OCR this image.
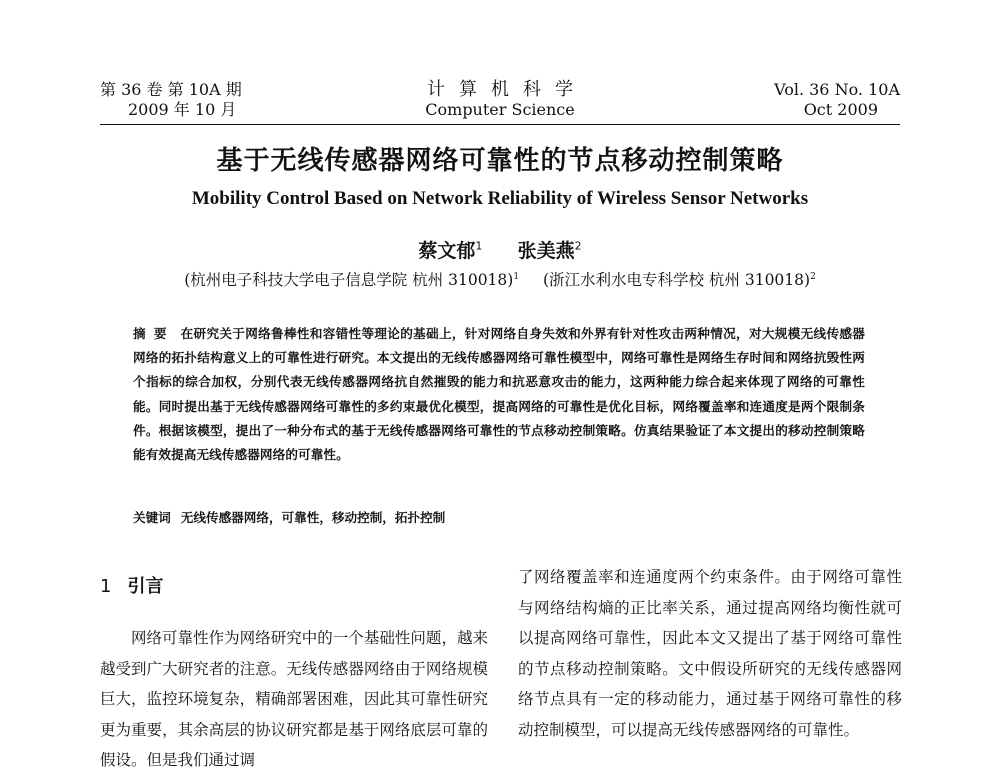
第 36 卷 第 10A 期
2009 年 10 月
计算机科学
Computer Science
Vol. 36 No. 10A
Oct 2009
基于无线传感器网络可靠性的节点移动控制策略
Mobility Control Based on Network Reliability of Wireless Sensor Networks
蔡文郁$^1$ 张美燕$^2$
(杭州电子科技大学电子信息学院 杭州 310018)$^1$ (浙江水利水电专科学校 杭州 310018)$^2$
摘要 在研究关于网络鲁棒性和容错性等理论的基础上，针对网络自身失效和外界有针对性攻击两种情况，对大规模无线传感器网络的拓扑结构意义上的可靠性进行研究。本文提出的无线传感器网络可靠性模型中，网络可靠性是网络生存时间和网络抗毁性两个指标的综合加权，分别代表无线传感器网络抗自然摧毁的能力和抗恶意攻击的能力，这两种能力综合起来体现了网络的可靠性能。同时提出基于无线传感器网络可靠性的多约束最优化模型，提高网络的可靠性是优化目标，网络覆盖率和连通度是两个限制条件。根据该模型，提出了一种分布式的基于无线传感器网络可靠性的节点移动控制策略。仿真结果验证了本文提出的移动控制策略能有效提高无线传感器网络的可靠性。
关键词 无线传感器网络，可靠性，移动控制，拓扑控制
1 引言
网络可靠性作为网络研究中的一个基础性问题，越来越受到广大研究者的注意。无线传感器网络由于网络规模巨大，监控环境复杂，精确部署困难，因此其可靠性研究更为重要，其余高层的协议研究都是基于网络底层可靠的假设。但是我们通过调
了网络覆盖率和连通度两个约束条件。由于网络可靠性与网络结构熵的正比率关系，通过提高网络均衡性就可以提高网络可靠性，因此本文又提出了基于网络可靠性的节点移动控制策略。文中假设所研究的无线传感器网络节点具有一定的移动能力，通过基于网络可靠性的移动控制模型，可以提高无线传感器网络的可靠性。
